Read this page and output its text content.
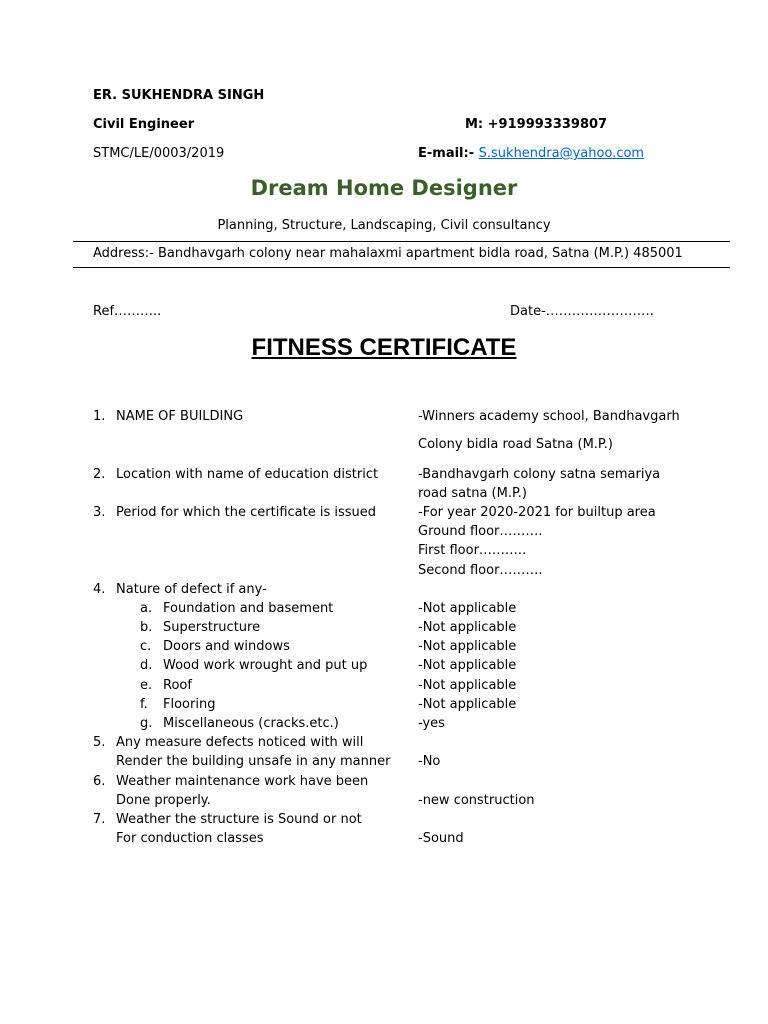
ER. SUKHENDRA SINGH
Civil Engineer	M: +919993339807
STMC/LE/0003/2019	E-mail:- S.sukhendra@yahoo.com
Dream Home Designer
Planning, Structure, Landscaping, Civil consultancy
Address:- Bandhavgarh colony near mahalaxmi apartment bidla road, Satna (M.P.) 485001
Ref………..	Date-…………………….
FITNESS CERTIFICATE
1. NAME OF BUILDING	-Winners academy school, Bandhavgarh
Colony bidla road Satna (M.P.)
2. Location with name of education district	-Bandhavgarh colony satna semariya
road satna (M.P.)
3. Period for which the certificate is issued	-For year 2020-2021 for builtup area
Ground floor……….
First floor………..
Second floor……….
4. Nature of defect if any-
a. Foundation and basement	-Not applicable
b. Superstructure	-Not applicable
c. Doors and windows	-Not applicable
d. Wood work wrought and put up	-Not applicable
e. Roof	-Not applicable
f. Flooring	-Not applicable
g. Miscellaneous (cracks.etc.)	-yes
5. Any measure defects noticed with will
Render the building unsafe in any manner -No
6. Weather maintenance work have been
Done properly.	-new construction
7. Weather the structure is Sound or not
For conduction classes	-Sound
